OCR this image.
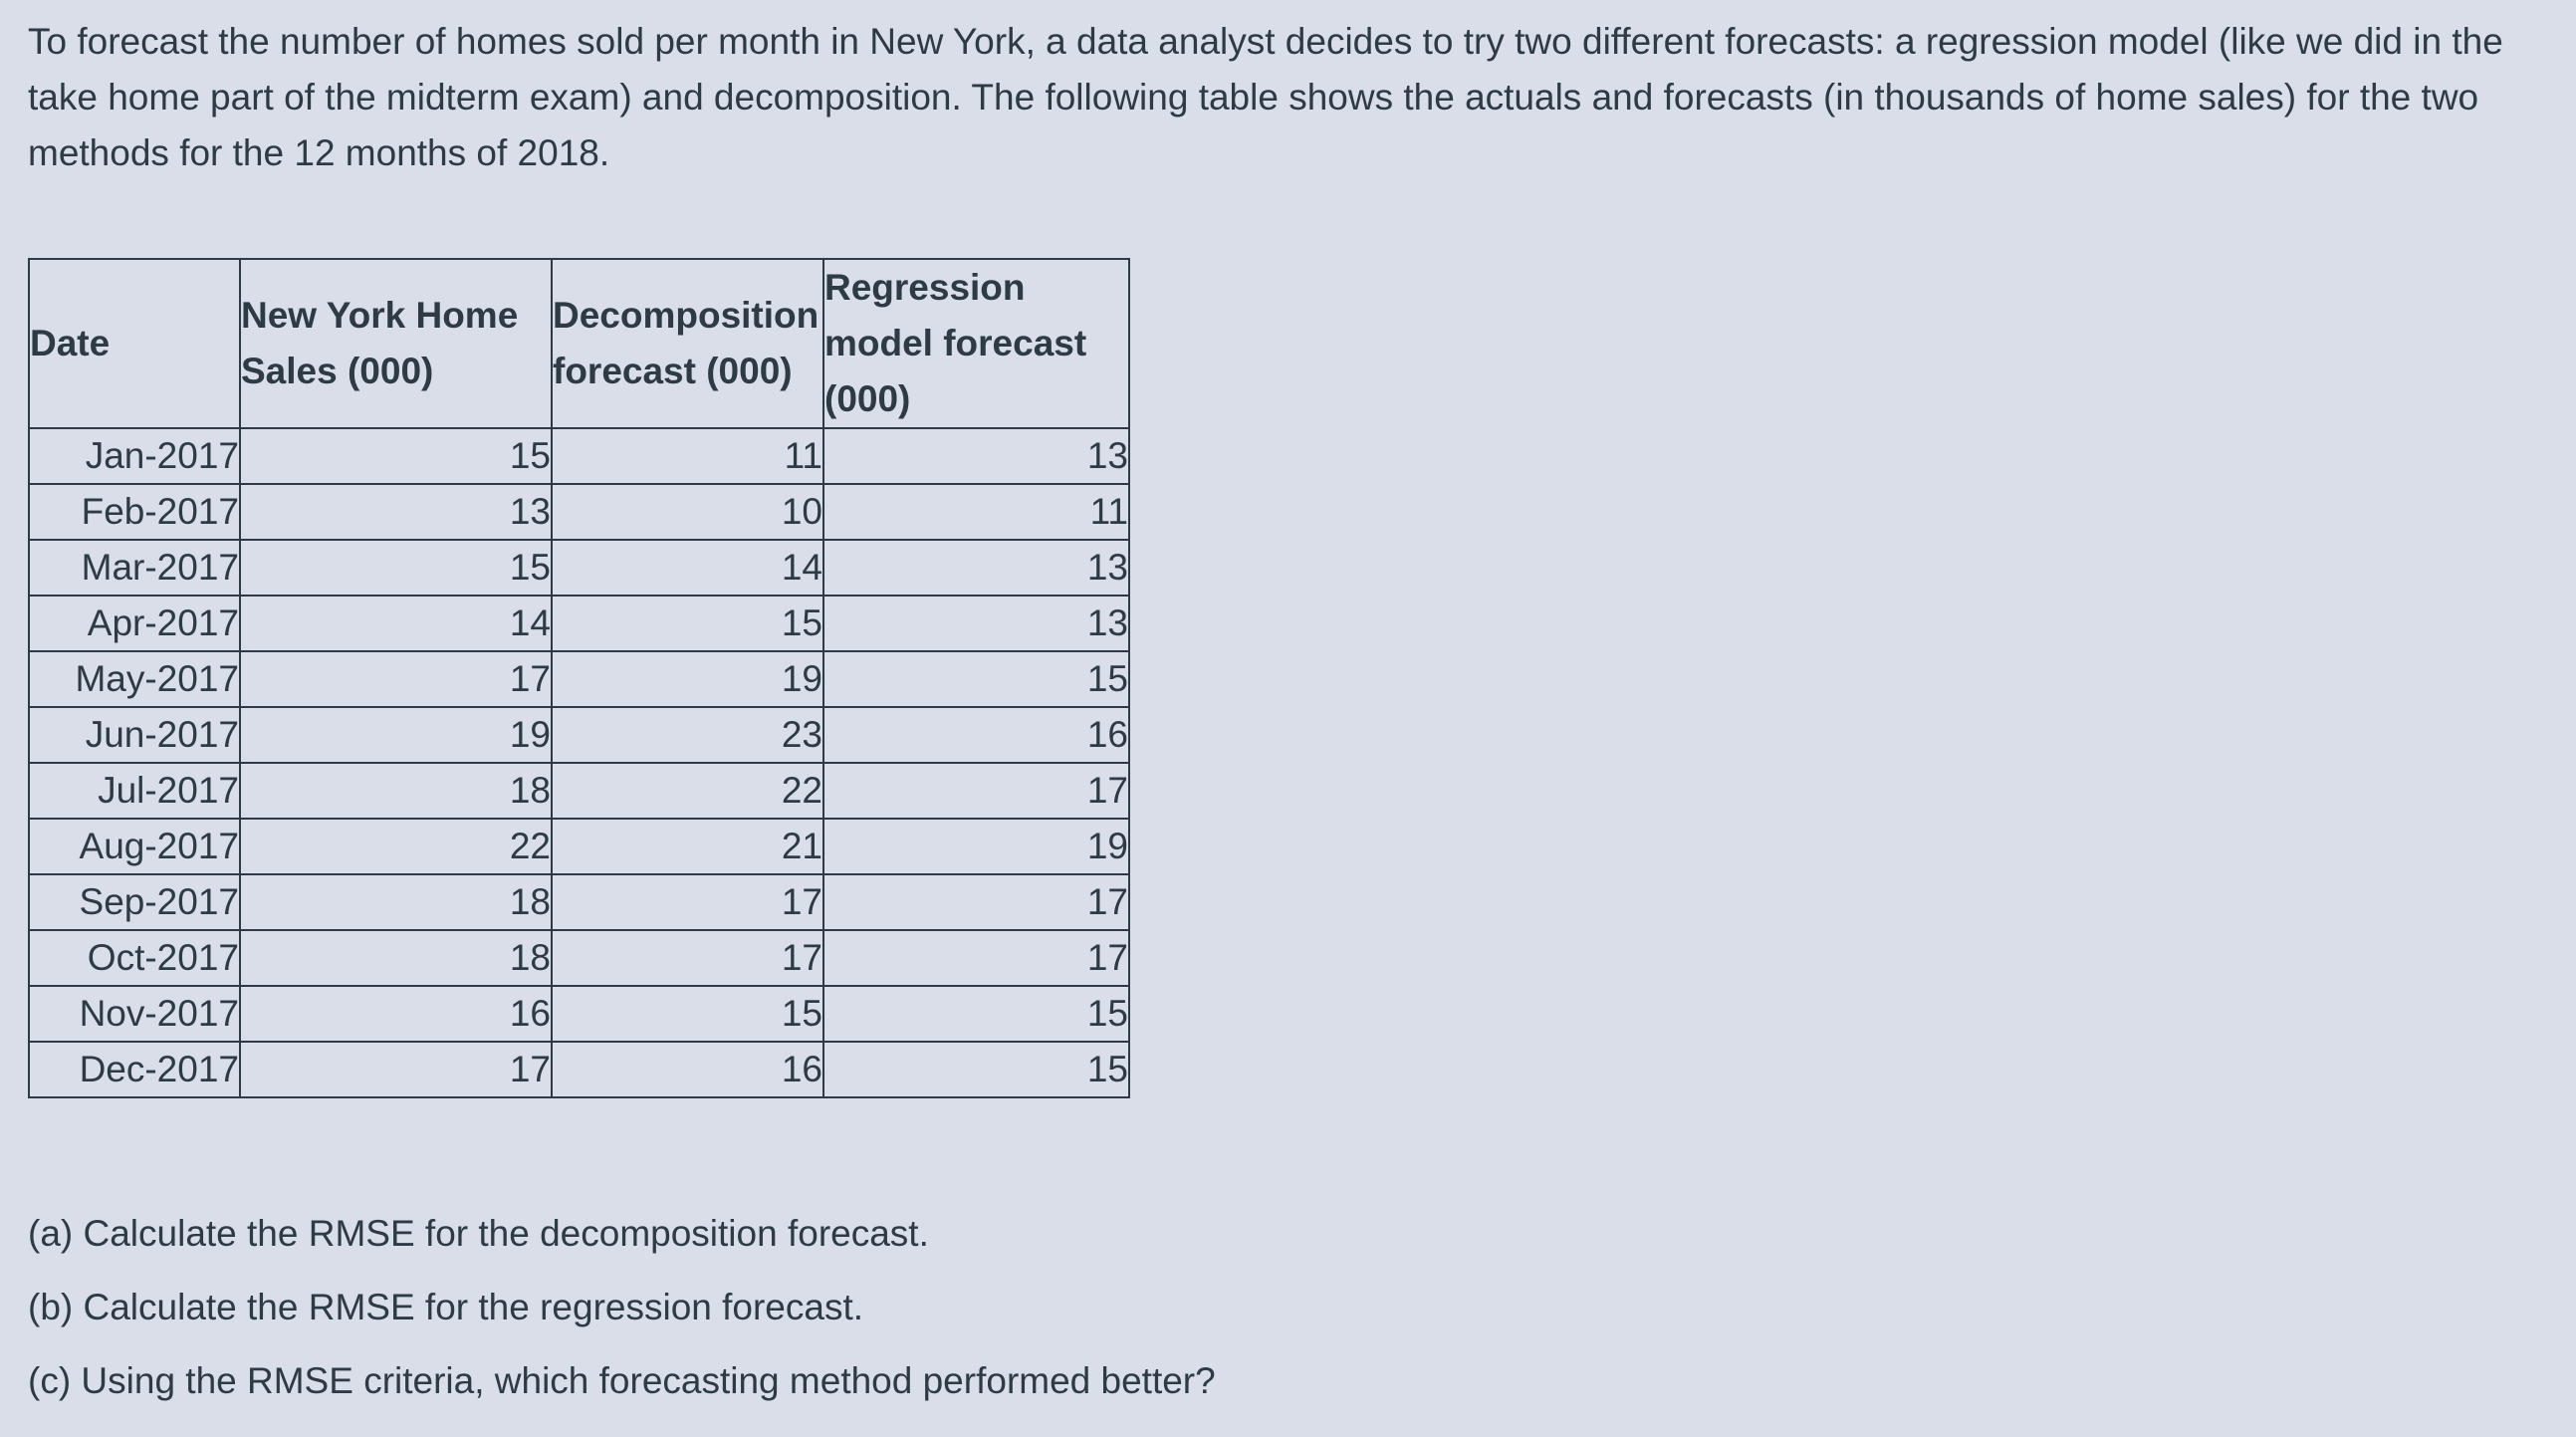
To forecast the number of homes sold per month in New York, a data analyst decides to try two different forecasts: a regression model (like we did in the take home part of the midterm exam) and decomposition. The following table shows the actuals and forecasts (in thousands of home sales) for the two methods for the 12 months of 2018.

Date	New York Home Sales (000)	Decomposition forecast (000)	Regression model forecast (000)
Jan-2017	15	11	13
Feb-2017	13	10	11
Mar-2017	15	14	13
Apr-2017	14	15	13
May-2017	17	19	15
Jun-2017	19	23	16
Jul-2017	18	22	17
Aug-2017	22	21	19
Sep-2017	18	17	17
Oct-2017	18	17	17
Nov-2017	16	15	15
Dec-2017	17	16	15

(a) Calculate the RMSE for the decomposition forecast.

(b) Calculate the RMSE for the regression forecast.

(c) Using the RMSE criteria, which forecasting method performed better?
